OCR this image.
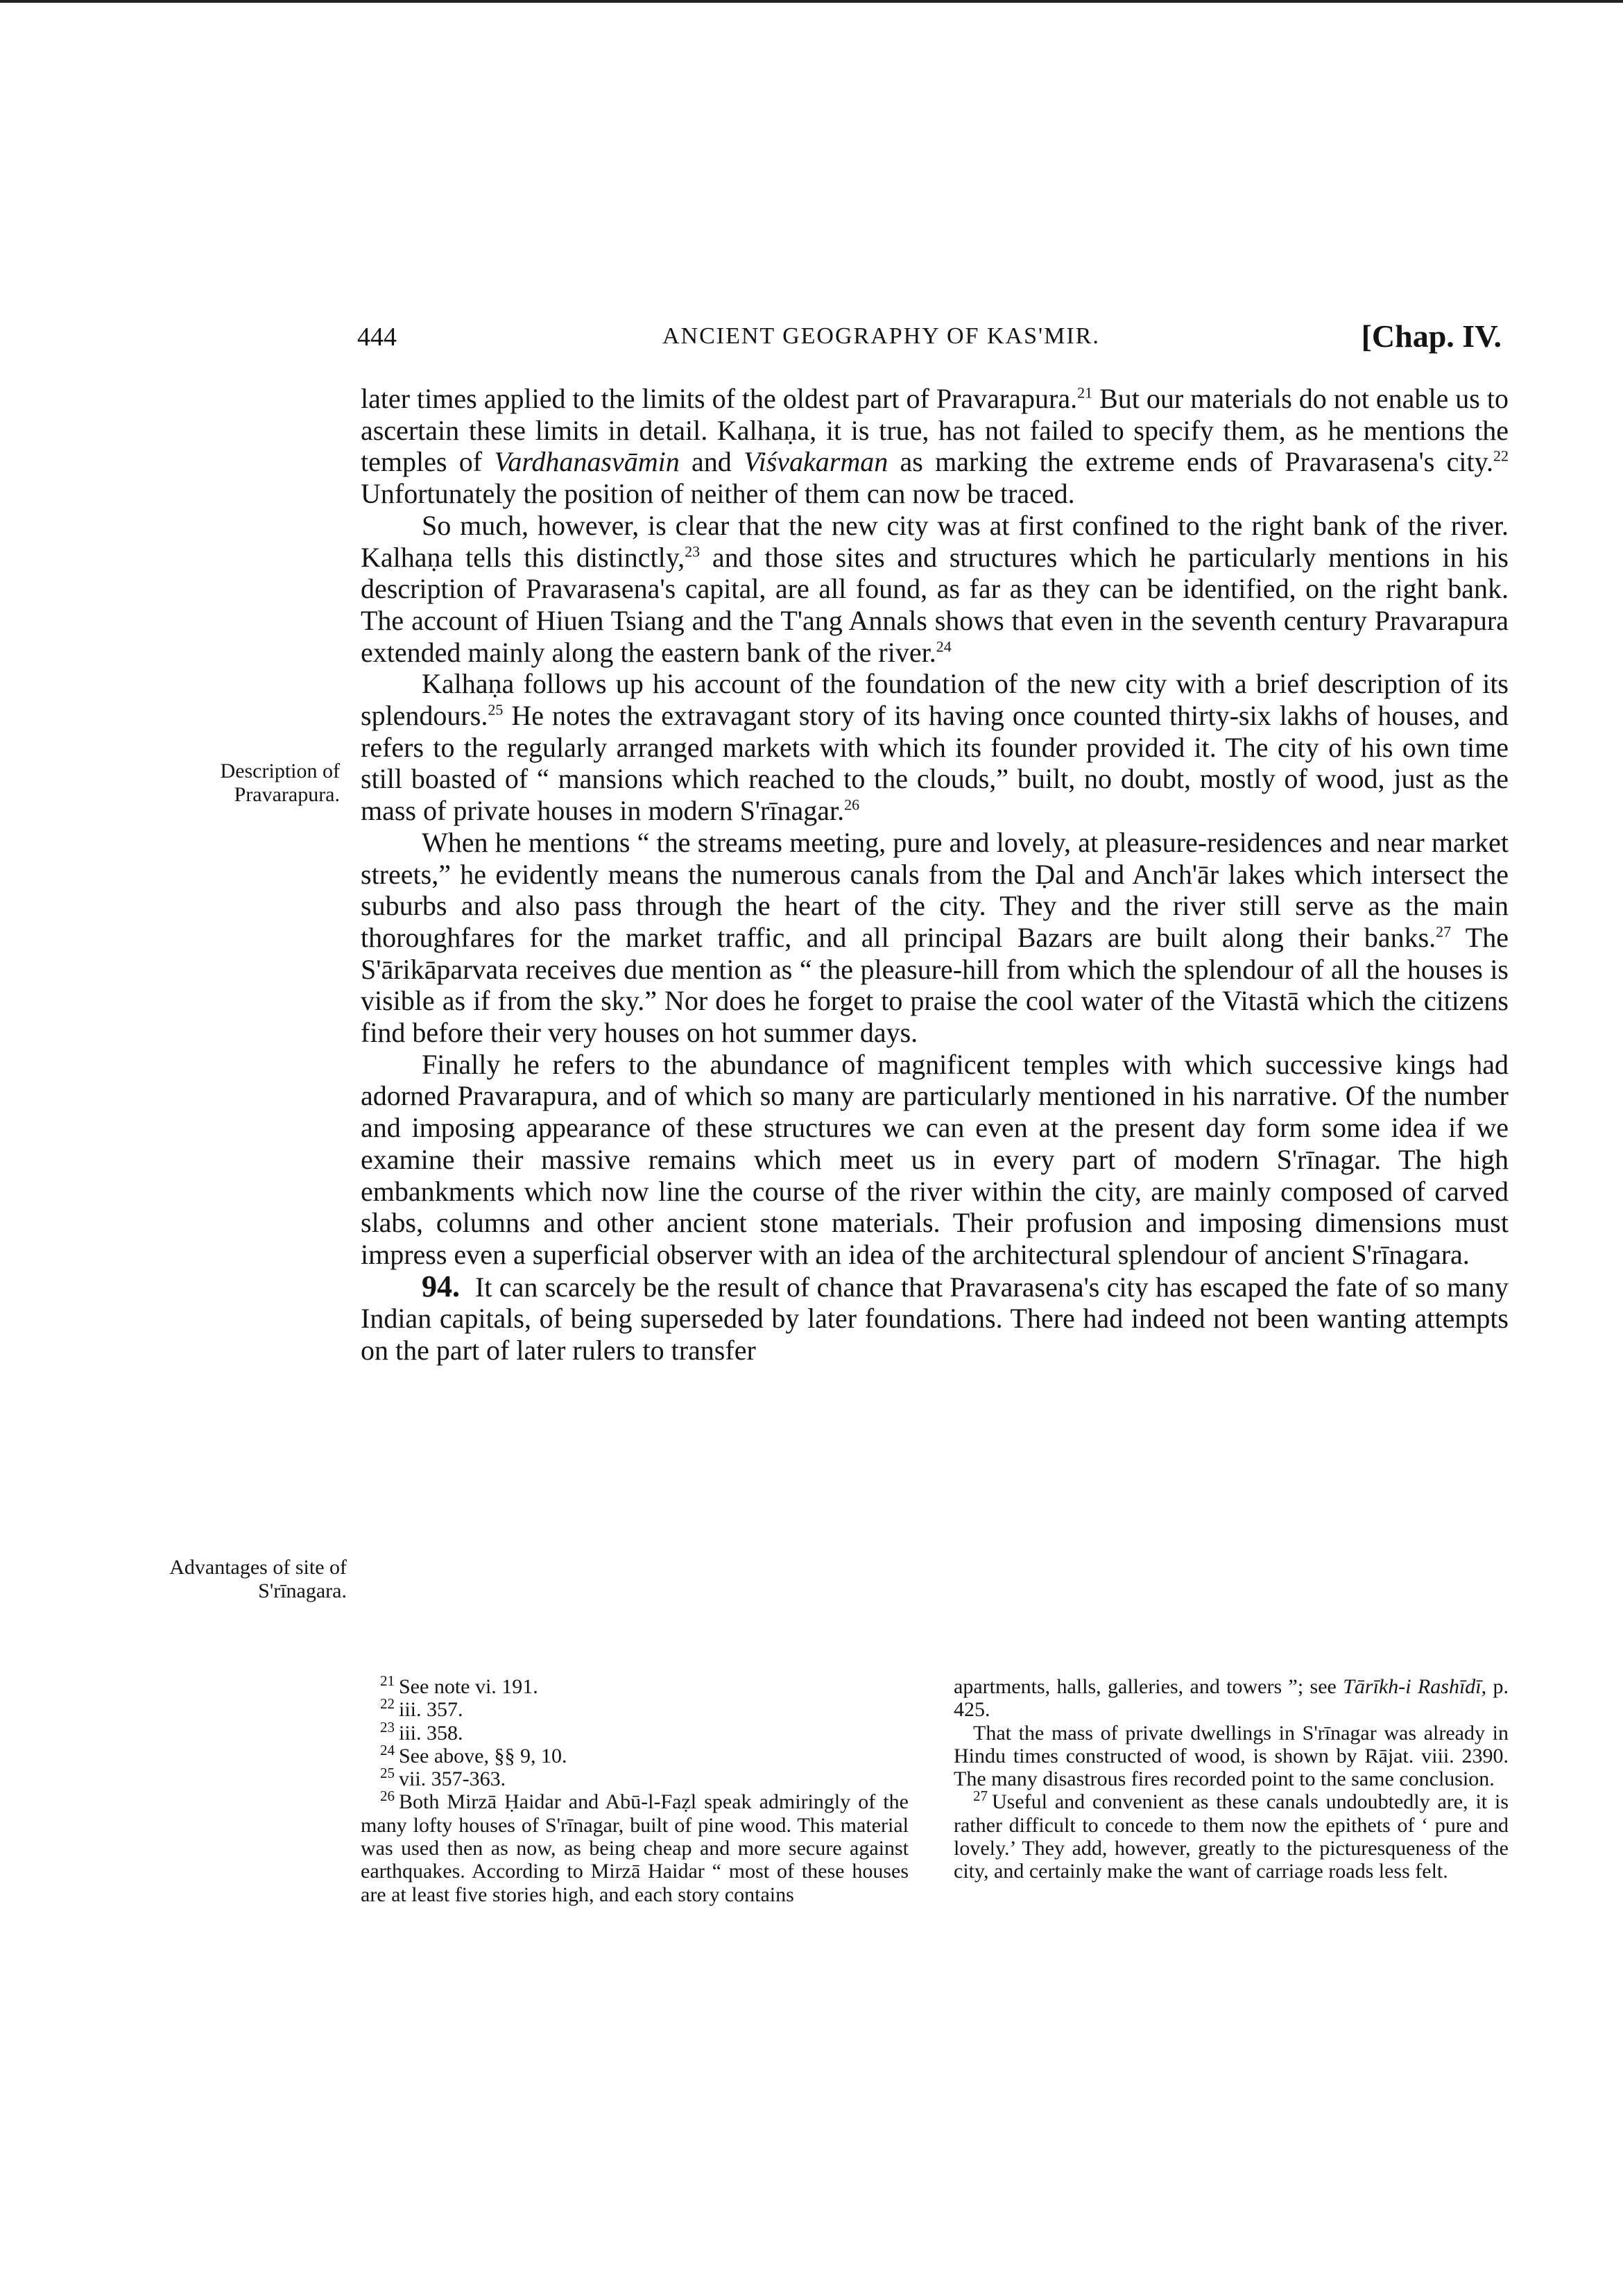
444	ANCIENT GEOGRAPHY OF KAS'MIR.	[Chap. IV.
Description of Pravarapura.
Advantages of site of S'rīnagara.

later times applied to the limits of the oldest part of Pravarapura.$^{21}$ But our materials do not enable us to ascertain these limits in detail. Kalhaṇa, it is true, has not failed to specify them, as he mentions the temples of Vardhanasvāmin and Viśvakarman as marking the extreme ends of Pravarasena's city.$^{22}$ Unfortunately the position of neither of them can now be traced.

So much, however, is clear that the new city was at first confined to the right bank of the river. Kalhaṇa tells this distinctly,$^{23}$ and those sites and structures which he particularly mentions in his description of Pravarasena's capital, are all found, as far as they can be identified, on the right bank. The account of Hiuen Tsiang and the T'ang Annals shows that even in the seventh century Pravarapura extended mainly along the eastern bank of the river.$^{24}$

Kalhaṇa follows up his account of the foundation of the new city with a brief description of its splendours.$^{25}$ He notes the extravagant story of its having once counted thirty-six lakhs of houses, and refers to the regularly arranged markets with which its founder provided it. The city of his own time still boasted of “ mansions which reached to the clouds,” built, no doubt, mostly of wood, just as the mass of private houses in modern S'rīnagar.$^{26}$

When he mentions “ the streams meeting, pure and lovely, at pleasure-residences and near market streets,” he evidently means the numerous canals from the Ḍal and Anch'ār lakes which intersect the suburbs and also pass through the heart of the city. They and the river still serve as the main thoroughfares for the market traffic, and all principal Bazars are built along their banks.$^{27}$ The S'ārikāparvata receives due mention as “ the pleasure-hill from which the splendour of all the houses is visible as if from the sky.” Nor does he forget to praise the cool water of the Vitastā which the citizens find before their very houses on hot summer days.

Finally he refers to the abundance of magnificent temples with which successive kings had adorned Pravarapura, and of which so many are particularly mentioned in his narrative. Of the number and imposing appearance of these structures we can even at the present day form some idea if we examine their massive remains which meet us in every part of modern S'rīnagar. The high embankments which now line the course of the river within the city, are mainly composed of carved slabs, columns and other ancient stone materials. Their profusion and imposing dimensions must impress even a superficial observer with an idea of the architectural splendour of ancient S'rīnagara.

94. It can scarcely be the result of chance that Pravarasena's city has escaped the fate of so many Indian capitals, of being superseded by later foundations. There had indeed not been wanting attempts on the part of later rulers to transfer

$^{21}$ See note vi. 191.

$^{22}$ iii. 357.

$^{23}$ iii. 358.

$^{24}$ See above, §§ 9, 10.

$^{25}$ vii. 357-363.

$^{26}$ Both Mirzā Ḥaidar and Abū-l-Faẓl speak admiringly of the many lofty houses of S'rīnagar, built of pine wood. This material was used then as now, as being cheap and more secure against earthquakes. According to Mirzā Haidar “ most of these houses are at least five stories high, and each story contains

apartments, halls, galleries, and towers ”; see Tārīkh-i Rashīdī, p. 425.

That the mass of private dwellings in S'rīnagar was already in Hindu times constructed of wood, is shown by Rājat. viii. 2390. The many disastrous fires recorded point to the same conclusion.

$^{27}$ Useful and convenient as these canals undoubtedly are, it is rather difficult to concede to them now the epithets of ‘ pure and lovely.’ They add, however, greatly to the picturesqueness of the city, and certainly make the want of carriage roads less felt.
